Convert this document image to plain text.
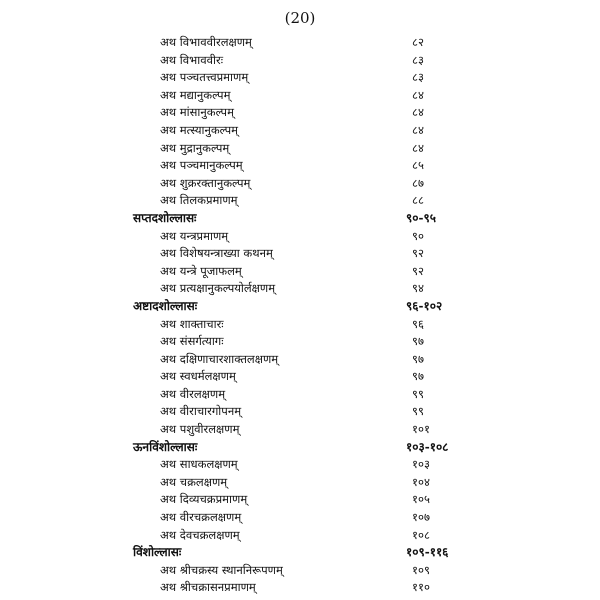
(20)
अथ विभाववीरलक्षणम्	८२
अथ विभाववीरः	८३
अथ पञ्चतत्त्वप्रमाणम्	८३
अथ मद्यानुकल्पम्	८४
अथ मांसानुकल्पम्	८४
अथ मत्स्यानुकल्पम्	८४
अथ मुद्रानुकल्पम्	८४
अथ पञ्चमानुकल्पम्	८५
अथ शुक्ररक्तानुकल्पम्	८७
अथ तिलकप्रमाणम्	८८
सप्तदशोल्लासः	९०-९५
अथ यन्त्रप्रमाणम्	९०
अथ विशेषयन्त्राख्या कथनम्	९२
अथ यन्त्रे पूजाफलम्	९२
अथ प्रत्यक्षानुकल्पयोर्लक्षणम्	९४
अष्टादशोल्लासः	९६-१०२
अथ शाक्ताचारः	९६
अथ संसर्गत्यागः	९७
अथ दक्षिणाचारशाक्तलक्षणम्	९७
अथ स्वधर्मलक्षणम्	९७
अथ वीरलक्षणम्	९९
अथ वीराचारगोपनम्	९९
अथ पशुवीरलक्षणम्	१०१
ऊनविंशोल्लासः	१०३-१०८
अथ साधकलक्षणम्	१०३
अथ चक्रलक्षणम्	१०४
अथ दिव्यचक्रप्रमाणम्	१०५
अथ वीरचक्रलक्षणम्	१०७
अथ देवचक्रलक्षणम्	१०८
विंशोल्लासः	१०९-११६
अथ श्रीचक्रस्य स्थाननिरूपणम्	१०९
अथ श्रीचक्रासनप्रमाणम्	११०
